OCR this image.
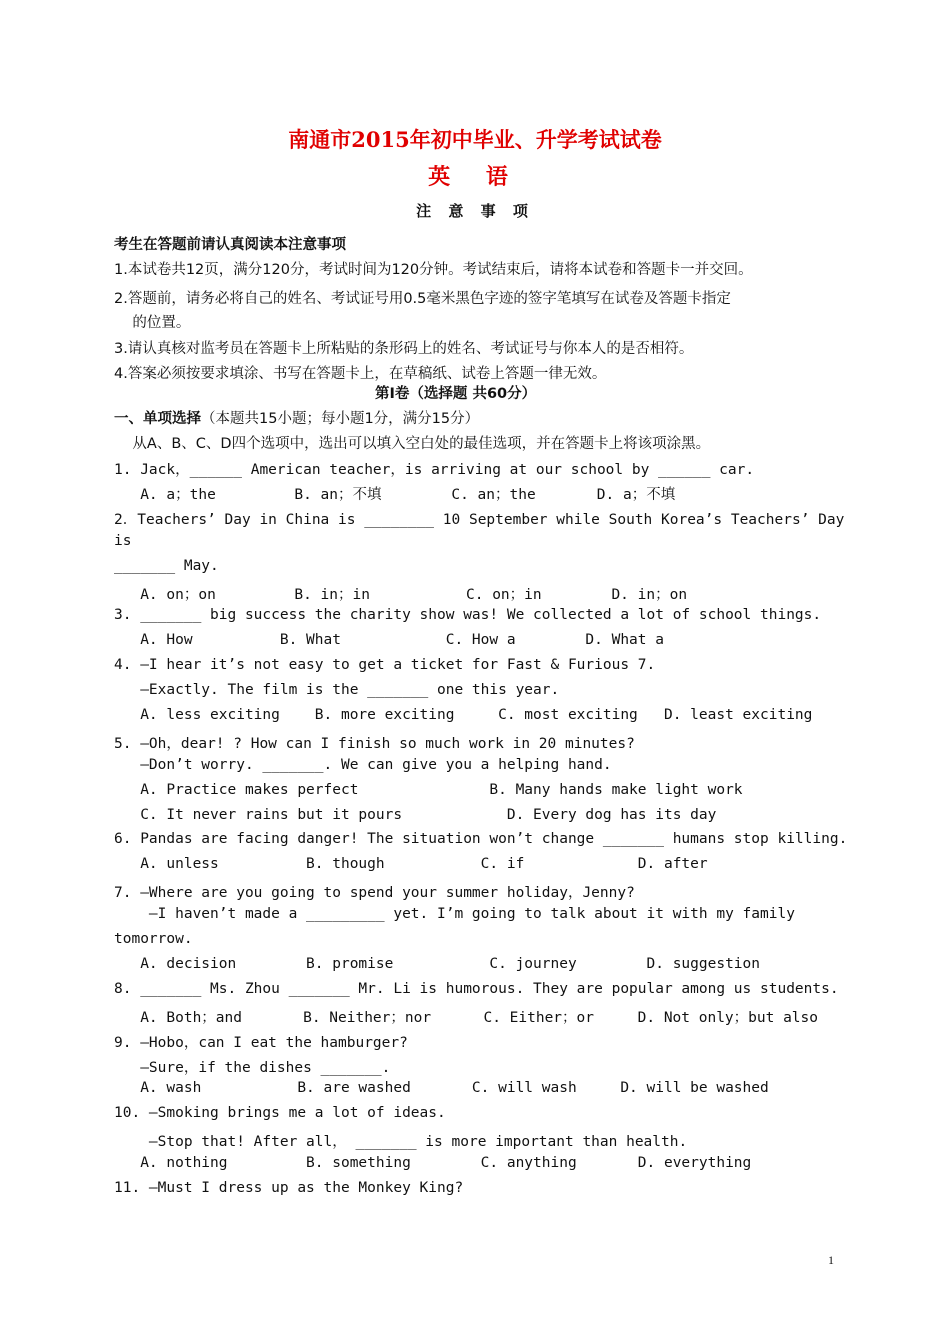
南通市2015年初中毕业、升学考试试卷
英 语
注 意 事 项
考生在答题前请认真阅读本注意事项
1.本试卷共12页，满分120分，考试时间为120分钟。考试结束后，请将本试卷和答题卡一并交回。
2.答题前，请务必将自己的姓名、考试证号用0.5毫米黑色字迹的签字笔填写在试卷及答题卡指定
的位置。
3.请认真核对监考员在答题卡上所粘贴的条形码上的姓名、考试证号与你本人的是否相符。
4.答案必须按要求填涂、书写在答题卡上，在草稿纸、试卷上答题一律无效。
第Ⅰ卷（选择题 共60分）
一、单项选择（本题共15小题；每小题1分，满分15分）
从A、B、C、D四个选项中，选出可以填入空白处的最佳选项，并在答题卡上将该项涂黑。
1. Jack，______ American teacher，is arriving at our school by ______ car.
A. a；the         B. an；不填        C. an；the       D. a；不填
2．Teachers’ Day in China is ________ 10 September while South Korea’s Teachers’ Day
is
_______ May.
A. on；on         B. in；in           C. on；in        D. in；on
3. _______ big success the charity show was! We collected a lot of school things.
A. How          B. What            C. How a        D. What a
4. —I hear it’s not easy to get a ticket for Fast & Furious 7.
—Exactly. The film is the _______ one this year.
A. less exciting    B. more exciting     C. most exciting   D. least exciting
5. —Oh，dear! ? How can I finish so much work in 20 minutes?
—Don’t worry. _______. We can give you a helping hand.
A. Practice makes perfect               B. Many hands make light work
C. It never rains but it pours            D. Every dog has its day
6. Pandas are facing danger! The situation won’t change _______ humans stop killing.
A. unless          B. though           C. if             D. after
7. —Where are you going to spend your summer holiday，Jenny?
—I haven’t made a _________ yet. I’m going to talk about it with my family
tomorrow.
A. decision        B. promise           C. journey        D. suggestion
8. _______ Ms. Zhou _______ Mr. Li is humorous. They are popular among us students.
A. Both；and       B. Neither；nor      C. Either；or     D. Not only；but also
9. —Hobo，can I eat the hamburger?
—Sure，if the dishes _______.
A. wash           B. are washed       C. will wash     D. will be washed
10. —Smoking brings me a lot of ideas.
—Stop that! After all， _______ is more important than health.
A. nothing         B. something        C. anything       D. everything
11. —Must I dress up as the Monkey King?
1
